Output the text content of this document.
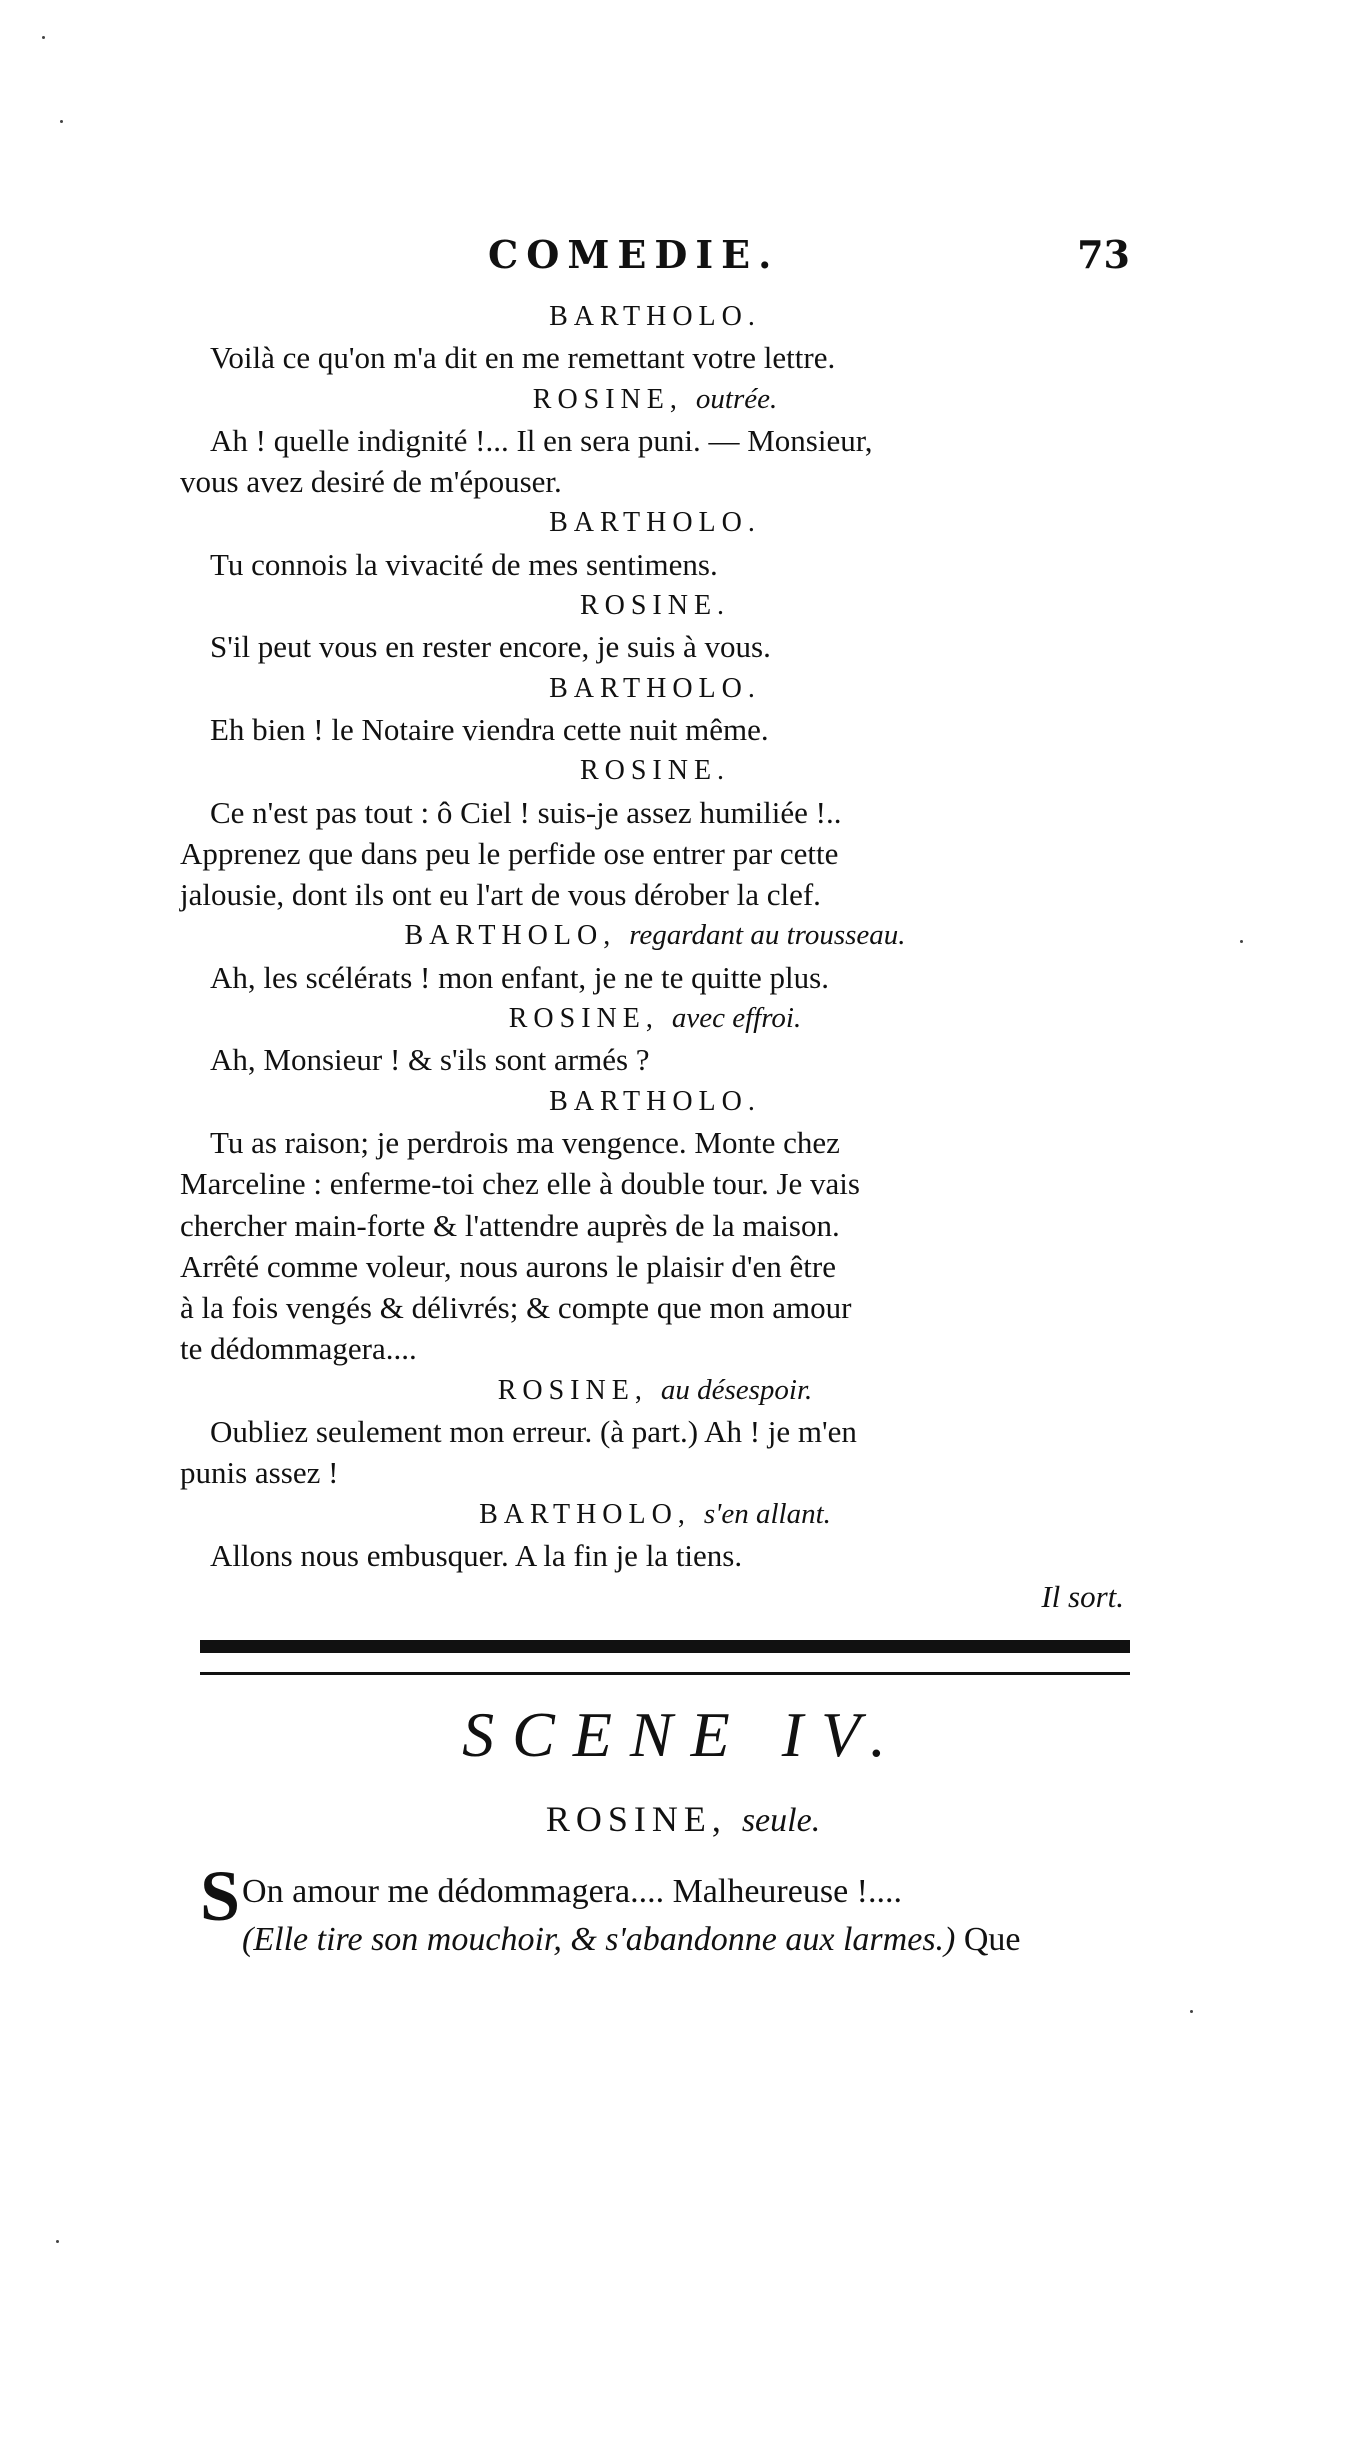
COMEDIE.	73
BARTHOLO.
Voilà ce qu'on m'a dit en me remettant votre lettre.
ROSINE, outrée.
Ah ! quelle indignité !... Il en sera puni. — Monsieur,
vous avez desiré de m'épouser.
BARTHOLO.
Tu connois la vivacité de mes sentimens.
ROSINE.
S'il peut vous en rester encore, je suis à vous.
BARTHOLO.
Eh bien ! le Notaire viendra cette nuit même.
ROSINE.
Ce n'est pas tout : ô Ciel ! suis-je assez humiliée !..
Apprenez que dans peu le perfide ose entrer par cette
jalousie, dont ils ont eu l'art de vous dérober la clef.
BARTHOLO, regardant au trousseau.
Ah, les scélérats ! mon enfant, je ne te quitte plus.
ROSINE, avec effroi.
Ah, Monsieur ! & s'ils sont armés ?
BARTHOLO.
Tu as raison; je perdrois ma vengence. Monte chez
Marceline : enferme-toi chez elle à double tour. Je vais
chercher main-forte & l'attendre auprès de la maison.
Arrêté comme voleur, nous aurons le plaisir d'en être
à la fois vengés & délivrés; & compte que mon amour
te dédommagera....
ROSINE, au désespoir.
Oubliez seulement mon erreur. (à part.) Ah ! je m'en
punis assez !
BARTHOLO, s'en allant.
Allons nous embusquer. A la fin je la tiens.
Il sort.
SCENE IV.
ROSINE, seule.
S On amour me dédommagera.... Malheureuse !....
(Elle tire son mouchoir, & s'abandonne aux larmes.) Que
